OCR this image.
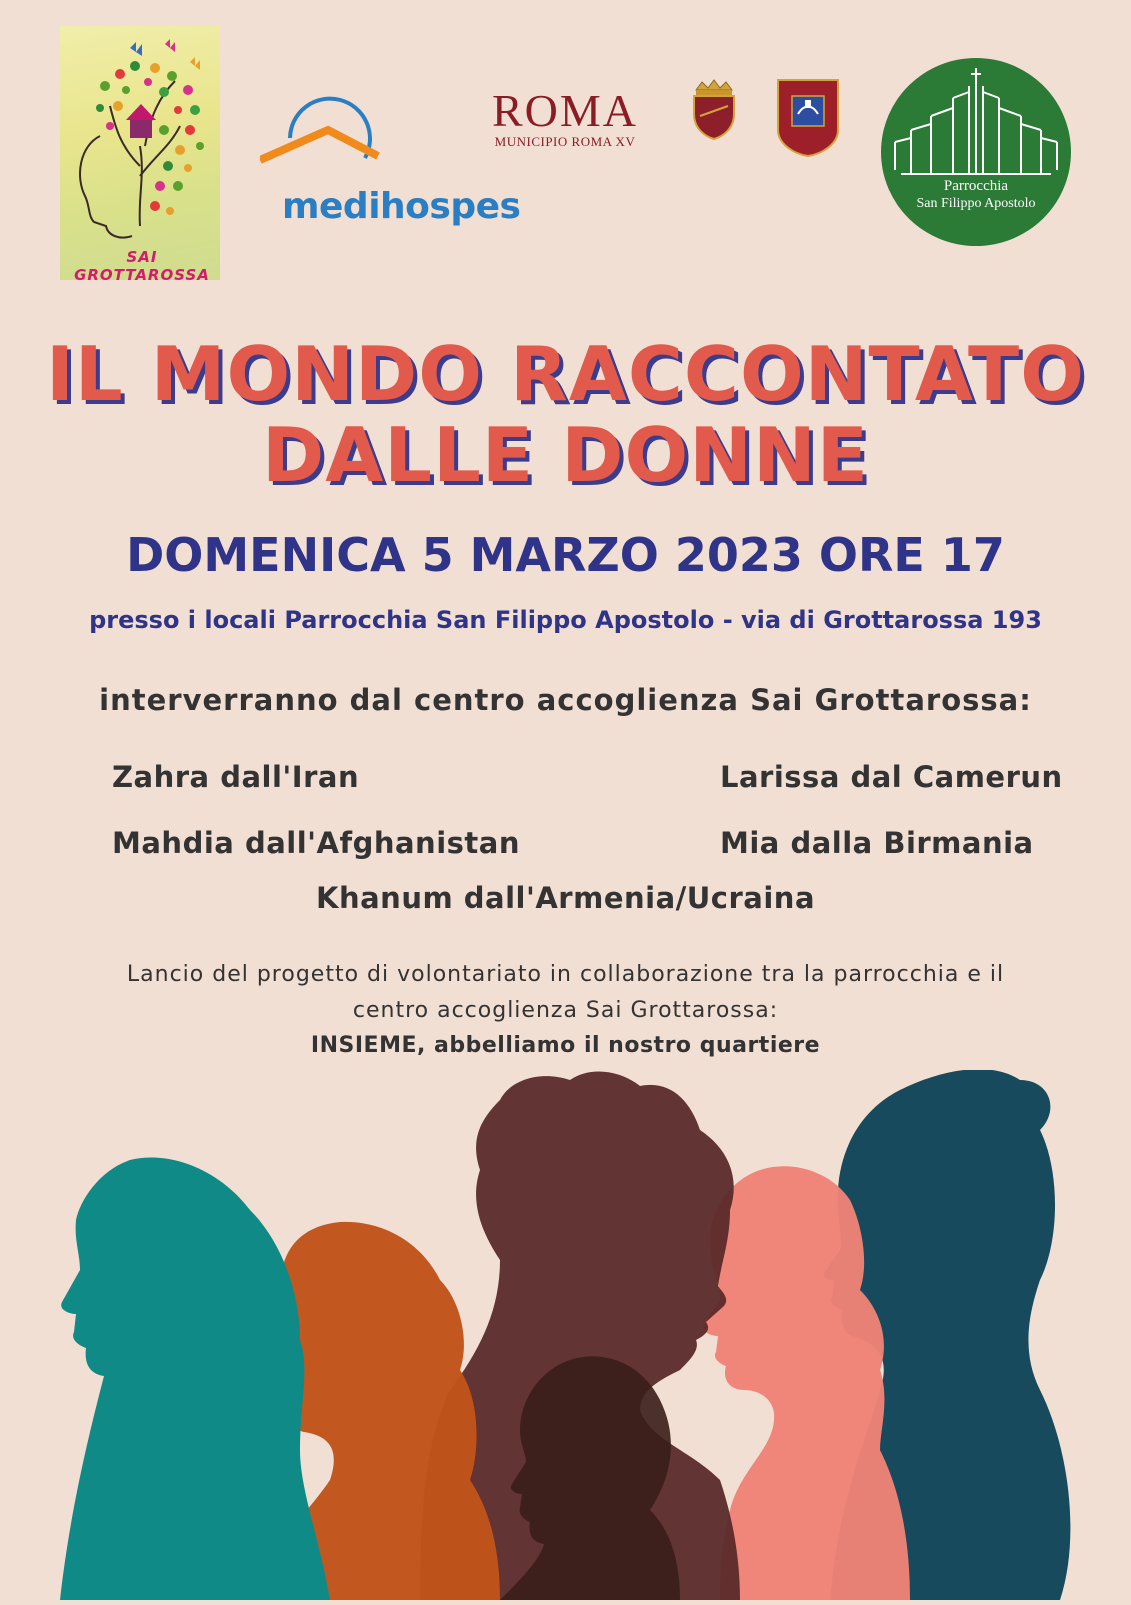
SAI GROTTAROSSA
medihospes
ROMA
MUNICIPIO ROMA XV
Parrocchia
San Filippo Apostolo
IL MONDO RACCONTATO
DALLE DONNE
DOMENICA 5 MARZO 2023 ORE 17
presso i locali Parrocchia San Filippo Apostolo - via di Grottarossa 193
interverranno dal centro accoglienza Sai Grottarossa:
Zahra dall'Iran	Larissa dal Camerun
Mahdia dall'Afghanistan	Mia dalla Birmania
Khanum dall'Armenia/Ucraina
Lancio del progetto di volontariato in collaborazione tra la parrocchia e il
centro accoglienza Sai Grottarossa:
INSIEME, abbelliamo il nostro quartiere
